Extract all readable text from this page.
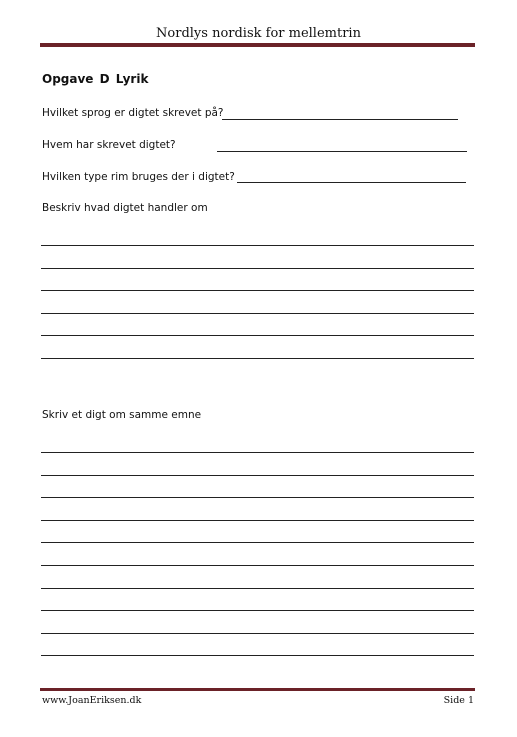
Nordlys nordisk for mellemtrin
Opgave D Lyrik
Hvilket sprog er digtet skrevet på?
Hvem har skrevet digtet?
Hvilken type rim bruges der i digtet?
Beskriv hvad digtet handler om
Skriv et digt om samme emne
www.JoanEriksen.dk	Side 1
